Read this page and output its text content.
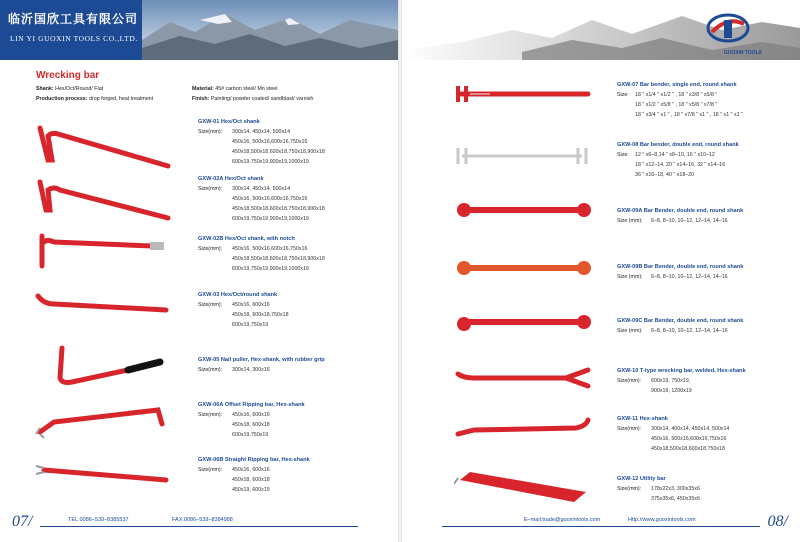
临沂国欣工具有限公司
LIN YI GUOXIN TOOLS CO.,LTD.
Wrecking bar
Shank: Hex/Oct/Round/ Flat	Material: 45# carbon steel/ Mn steel
Production process: drop forged, heat treatment	Finish: Painting/ powder coated/ sandblast/ varnish
GXW-01 Hex/Oct shank
Size(mm):	300x14, 450x14, 500x14
450x16, 500x16,600x16,750x16
450x18,500x18,600x18,750x18,900x18
600x19,750x19,900x19,1000x19
GXW-02A Hex/Oct shank
Size(mm):	300x14, 450x14, 500x14
450x16, 500x16,600x16,750x16
450x18,500x18,600x18,750x18,900x18
600x19,750x19,900x19,1000x19
GXW-02B Hex/Oct shank, with notch
Size(mm):	450x16, 500x16,600x16,750x16
450x18,500x18,600x18,750x18,900x18
600x19,750x19,900x19,1000x19
GXW-03 Hex/Oct/round shank
Size(mm):	450x16, 600x16
450x18, 600x18,750x18
600x19,750x19
GXW-05 Nail puller, Hex-shank, with rubber grip
Size(mm):	300x14, 300x16
GXW-06A Offset Ripping bar, Hex-shank
Size(mm):	450x16, 600x16
450x18, 600x18
600x19,750x19
GXW-06B Straight Ripping bar, Hex-shank
Size(mm):	450x16, 600x16
450x18, 600x18
450x19, 600x19
07/	TEL:0086–539–8385537	FAX:0086–539–8384988
GUOXIN TOOLS
GXW-07 Bar bender, single end, round shank
Size:	18 " x1/4 " x1/2 " , 18 " x3/8 " x5/8 "
18 " x1/2 " x5/8 " , 18 " x5/8 " x7/8 "
18 " x3/4 " x1 " , 18 " x7/8 " x1 " , 18 " x1 " x1 "
GXW-08 Bar bender, double end, round shank
Size:	12 " x6–8,14 " x8–10, 16 " x10–12
18 " x12–14, 20 " x14–16, 32 " x14–16
36 " x16–18, 40 " x18–20
GXW-09A Bar Bender, double end, round shank
Size (mm):	6–8, 8–10, 10–12, 12–14, 14–16
GXW-09B Bar Bender, double end, round shank
Size (mm):	6–8, 8–10, 10–12, 12–14, 14–16
GXW-09C Bar Bender, double end, round shank
Size (mm):	6–8, 8–10, 10–12, 12–14, 14–16
GXW-10 T-type wrecking bar, welded, Hex-shank
Size(mm):	600x19, 750x19,
900x19, 1200x19
GXW-11 Hex-shank
Size(mm):	300x14, 400x14, 450x14, 500x14
450x16, 500x16,600x16,750x16
450x18,500x18,600x18,750x18
GXW-12 Utility bar
Size(mm):	178x22x3, 300x35x6
375x35x6, 450x35x6
E–mail:trade@guoxintools.com	Http://www.guoxintools.com	08/
